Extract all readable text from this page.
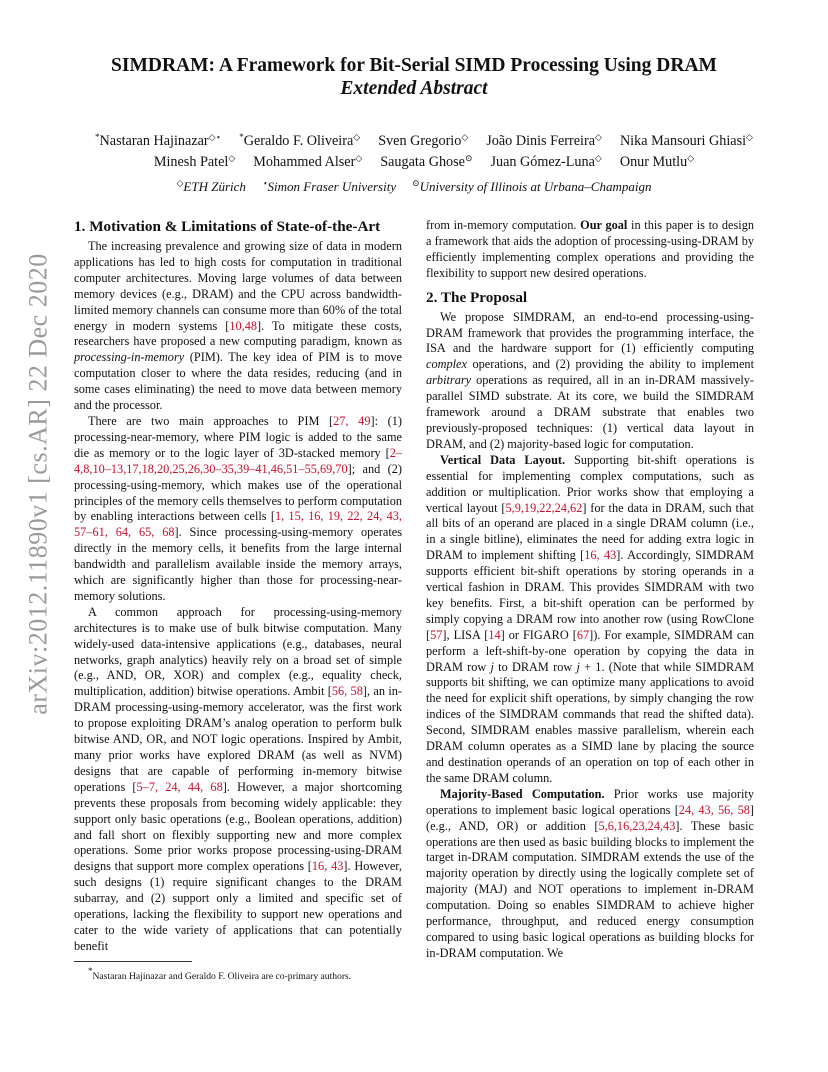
arXiv:2012.11890v1 [cs.AR] 22 Dec 2020
SIMDRAM: A Framework for Bit-Serial SIMD Processing Using DRAM
Extended Abstract
*Nastaran Hajinazar◇⋆ *Geraldo F. Oliveira◇ Sven Gregorio◇ João Dinis Ferreira◇ Nika Mansouri Ghiasi◇
Minesh Patel◇ Mohammed Alser◇ Saugata Ghose⊙ Juan Gómez-Luna◇ Onur Mutlu◇
◇ETH Zürich ⋆Simon Fraser University ⊙University of Illinois at Urbana–Champaign
1. Motivation & Limitations of State-of-the-Art

The increasing prevalence and growing size of data in modern applications has led to high costs for computation in traditional computer architectures. Moving large volumes of data between memory devices (e.g., DRAM) and the CPU across bandwidth-limited memory channels can consume more than 60% of the total energy in modern systems [10,48]. To mitigate these costs, researchers have proposed a new computing paradigm, known as processing-in-memory (PIM). The key idea of PIM is to move computation closer to where the data resides, reducing (and in some cases eliminating) the need to move data between memory and the processor.

There are two main approaches to PIM [27, 49]: (1) processing-near-memory, where PIM logic is added to the same die as memory or to the logic layer of 3D-stacked memory [2–4,8,10–13,17,18,20,25,26,30–35,39–41,46,51–55,69,70]; and (2) processing-using-memory, which makes use of the operational principles of the memory cells themselves to perform computation by enabling interactions between cells [1, 15, 16, 19, 22, 24, 43, 57–61, 64, 65, 68]. Since processing-using-memory operates directly in the memory cells, it benefits from the large internal bandwidth and parallelism available inside the memory arrays, which are significantly higher than those for processing-near-memory solutions.

A common approach for processing-using-memory architectures is to make use of bulk bitwise computation. Many widely-used data-intensive applications (e.g., databases, neural networks, graph analytics) heavily rely on a broad set of simple (e.g., AND, OR, XOR) and complex (e.g., equality check, multiplication, addition) bitwise operations. Ambit [56, 58], an in-DRAM processing-using-memory accelerator, was the first work to propose exploiting DRAM’s analog operation to perform bulk bitwise AND, OR, and NOT logic operations. Inspired by Ambit, many prior works have explored DRAM (as well as NVM) designs that are capable of performing in-memory bitwise operations [5–7, 24, 44, 68]. However, a major shortcoming prevents these proposals from becoming widely applicable: they support only basic operations (e.g., Boolean operations, addition) and fall short on flexibly supporting new and more complex operations. Some prior works propose processing-using-DRAM designs that support more complex operations [16, 43]. However, such designs (1) require significant changes to the DRAM subarray, and (2) support only a limited and specific set of operations, lacking the flexibility to support new operations and cater to the wide variety of applications that can potentially benefit

from in-memory computation. Our goal in this paper is to design a framework that aids the adoption of processing-using-DRAM by efficiently implementing complex operations and providing the flexibility to support new desired operations.

2. The Proposal

We propose SIMDRAM, an end-to-end processing-using-DRAM framework that provides the programming interface, the ISA and the hardware support for (1) efficiently computing complex operations, and (2) providing the ability to implement arbitrary operations as required, all in an in-DRAM massively-parallel SIMD substrate. At its core, we build the SIMDRAM framework around a DRAM substrate that enables two previously-proposed techniques: (1) vertical data layout in DRAM, and (2) majority-based logic for computation.

Vertical Data Layout. Supporting bit-shift operations is essential for implementing complex computations, such as addition or multiplication. Prior works show that employing a vertical layout [5,9,19,22,24,62] for the data in DRAM, such that all bits of an operand are placed in a single DRAM column (i.e., in a single bitline), eliminates the need for adding extra logic in DRAM to implement shifting [16, 43]. Accordingly, SIMDRAM supports efficient bit-shift operations by storing operands in a vertical fashion in DRAM. This provides SIMDRAM with two key benefits. First, a bit-shift operation can be performed by simply copying a DRAM row into another row (using RowClone [57], LISA [14] or FIGARO [67]). For example, SIMDRAM can perform a left-shift-by-one operation by copying the data in DRAM row j to DRAM row j + 1. (Note that while SIMDRAM supports bit shifting, we can optimize many applications to avoid the need for explicit shift operations, by simply changing the row indices of the SIMDRAM commands that read the shifted data). Second, SIMDRAM enables massive parallelism, wherein each DRAM column operates as a SIMD lane by placing the source and destination operands of an operation on top of each other in the same DRAM column.

Majority-Based Computation. Prior works use majority operations to implement basic logical operations [24, 43, 56, 58] (e.g., AND, OR) or addition [5,6,16,23,24,43]. These basic operations are then used as basic building blocks to implement the target in-DRAM computation. SIMDRAM extends the use of the majority operation by directly using the logically complete set of majority (MAJ) and NOT operations to implement in-DRAM computation. Doing so enables SIMDRAM to achieve higher performance, throughput, and reduced energy consumption compared to using basic logical operations as building blocks for in-DRAM computation. We

*Nastaran Hajinazar and Geraldo F. Oliveira are co-primary authors.
